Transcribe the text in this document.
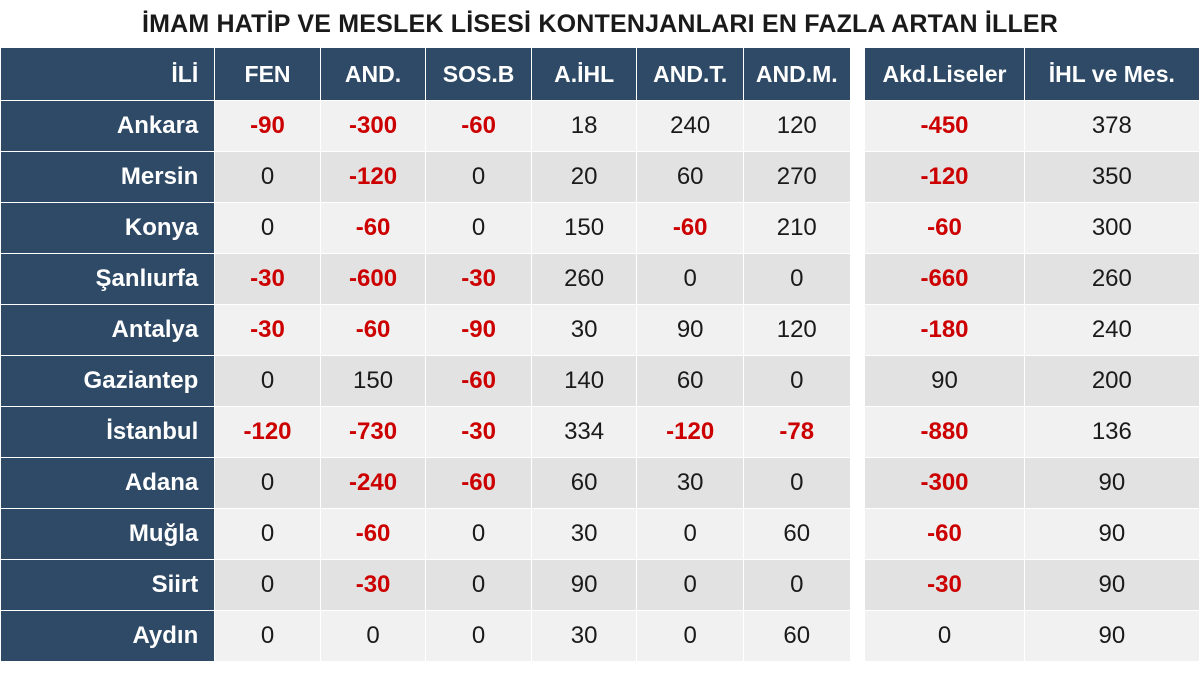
İMAM HATİP VE MESLEK LİSESİ KONTENJANLARI EN FAZLA ARTAN İLLER
İLİ	FEN	AND.	SOS.B	A.İHL	AND.T.	AND.M.		Akd.Liseler	İHL ve Mes.
Ankara	-90	-300	-60	18	240	120		-450	378
Mersin	0	-120	0	20	60	270		-120	350
Konya	0	-60	0	150	-60	210		-60	300
Şanlıurfa	-30	-600	-30	260	0	0		-660	260
Antalya	-30	-60	-90	30	90	120		-180	240
Gaziantep	0	150	-60	140	60	0		90	200
İstanbul	-120	-730	-30	334	-120	-78		-880	136
Adana	0	-240	-60	60	30	0		-300	90
Muğla	0	-60	0	30	0	60		-60	90
Siirt	0	-30	0	90	0	0		-30	90
Aydın	0	0	0	30	0	60		0	90
